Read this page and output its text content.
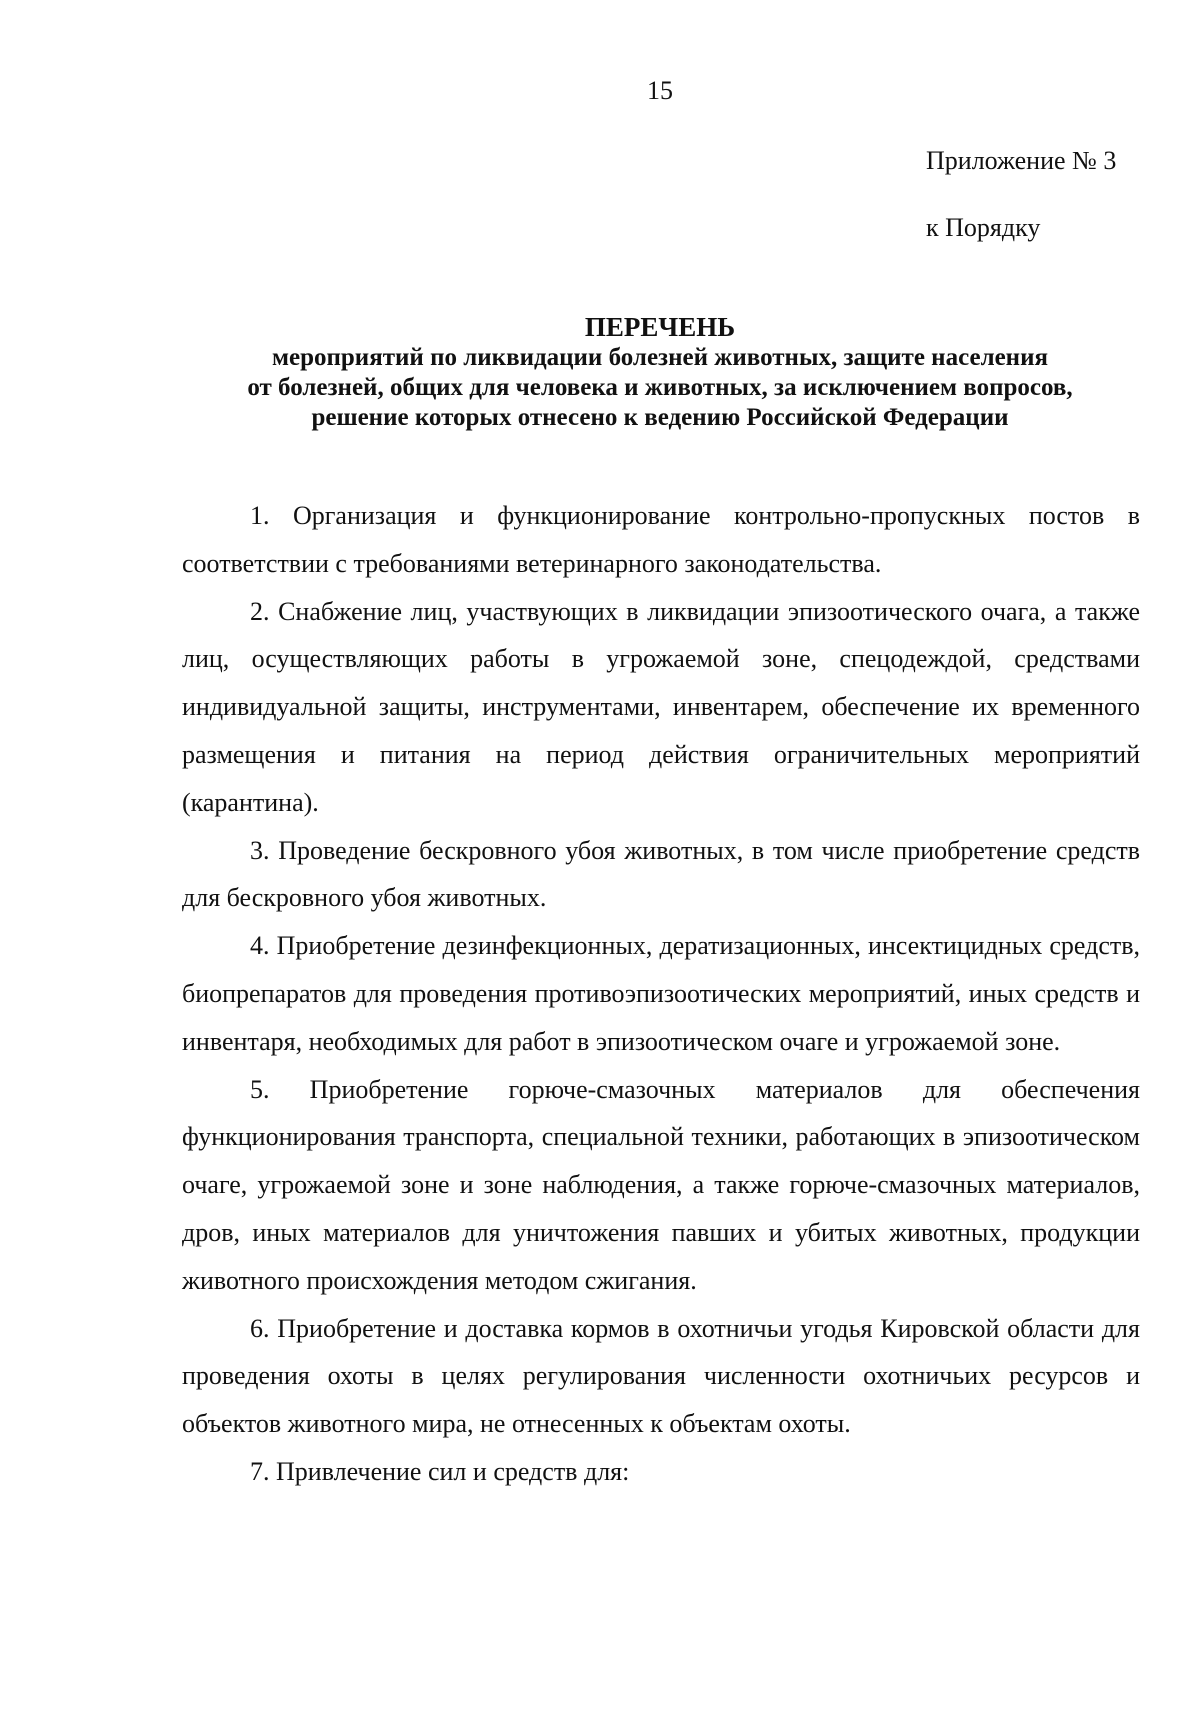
15
Приложение № 3
к Порядку
ПЕРЕЧЕНЬ
мероприятий по ликвидации болезней животных, защите населения
от болезней, общих для человека и животных, за исключением вопросов,
решение которых отнесено к ведению Российской Федерации

1. Организация и функционирование контрольно-пропускных постов в соответствии с требованиями ветеринарного законодательства.

2. Снабжение лиц, участвующих в ликвидации эпизоотического очага, а также лиц, осуществляющих работы в угрожаемой зоне, спецодеждой, средствами индивидуальной защиты, инструментами, инвентарем, обеспечение их временного размещения и питания на период действия ограничительных мероприятий (карантина).

3. Проведение бескровного убоя животных, в том числе приобретение средств для бескровного убоя животных.

4. Приобретение дезинфекционных, дератизационных, инсектицидных средств, биопрепаратов для проведения противоэпизоотических мероприятий, иных средств и инвентаря, необходимых для работ в эпизоотическом очаге и угрожаемой зоне.

5. Приобретение горюче-смазочных материалов для обеспечения функционирования транспорта, специальной техники, работающих в эпизоотическом очаге, угрожаемой зоне и зоне наблюдения, а также горюче-смазочных материалов, дров, иных материалов для уничтожения павших и убитых животных, продукции животного происхождения методом сжигания.

6. Приобретение и доставка кормов в охотничьи угодья Кировской области для проведения охоты в целях регулирования численности охотничьих ресурсов и объектов животного мира, не отнесенных к объектам охоты.

7. Привлечение сил и средств для:
